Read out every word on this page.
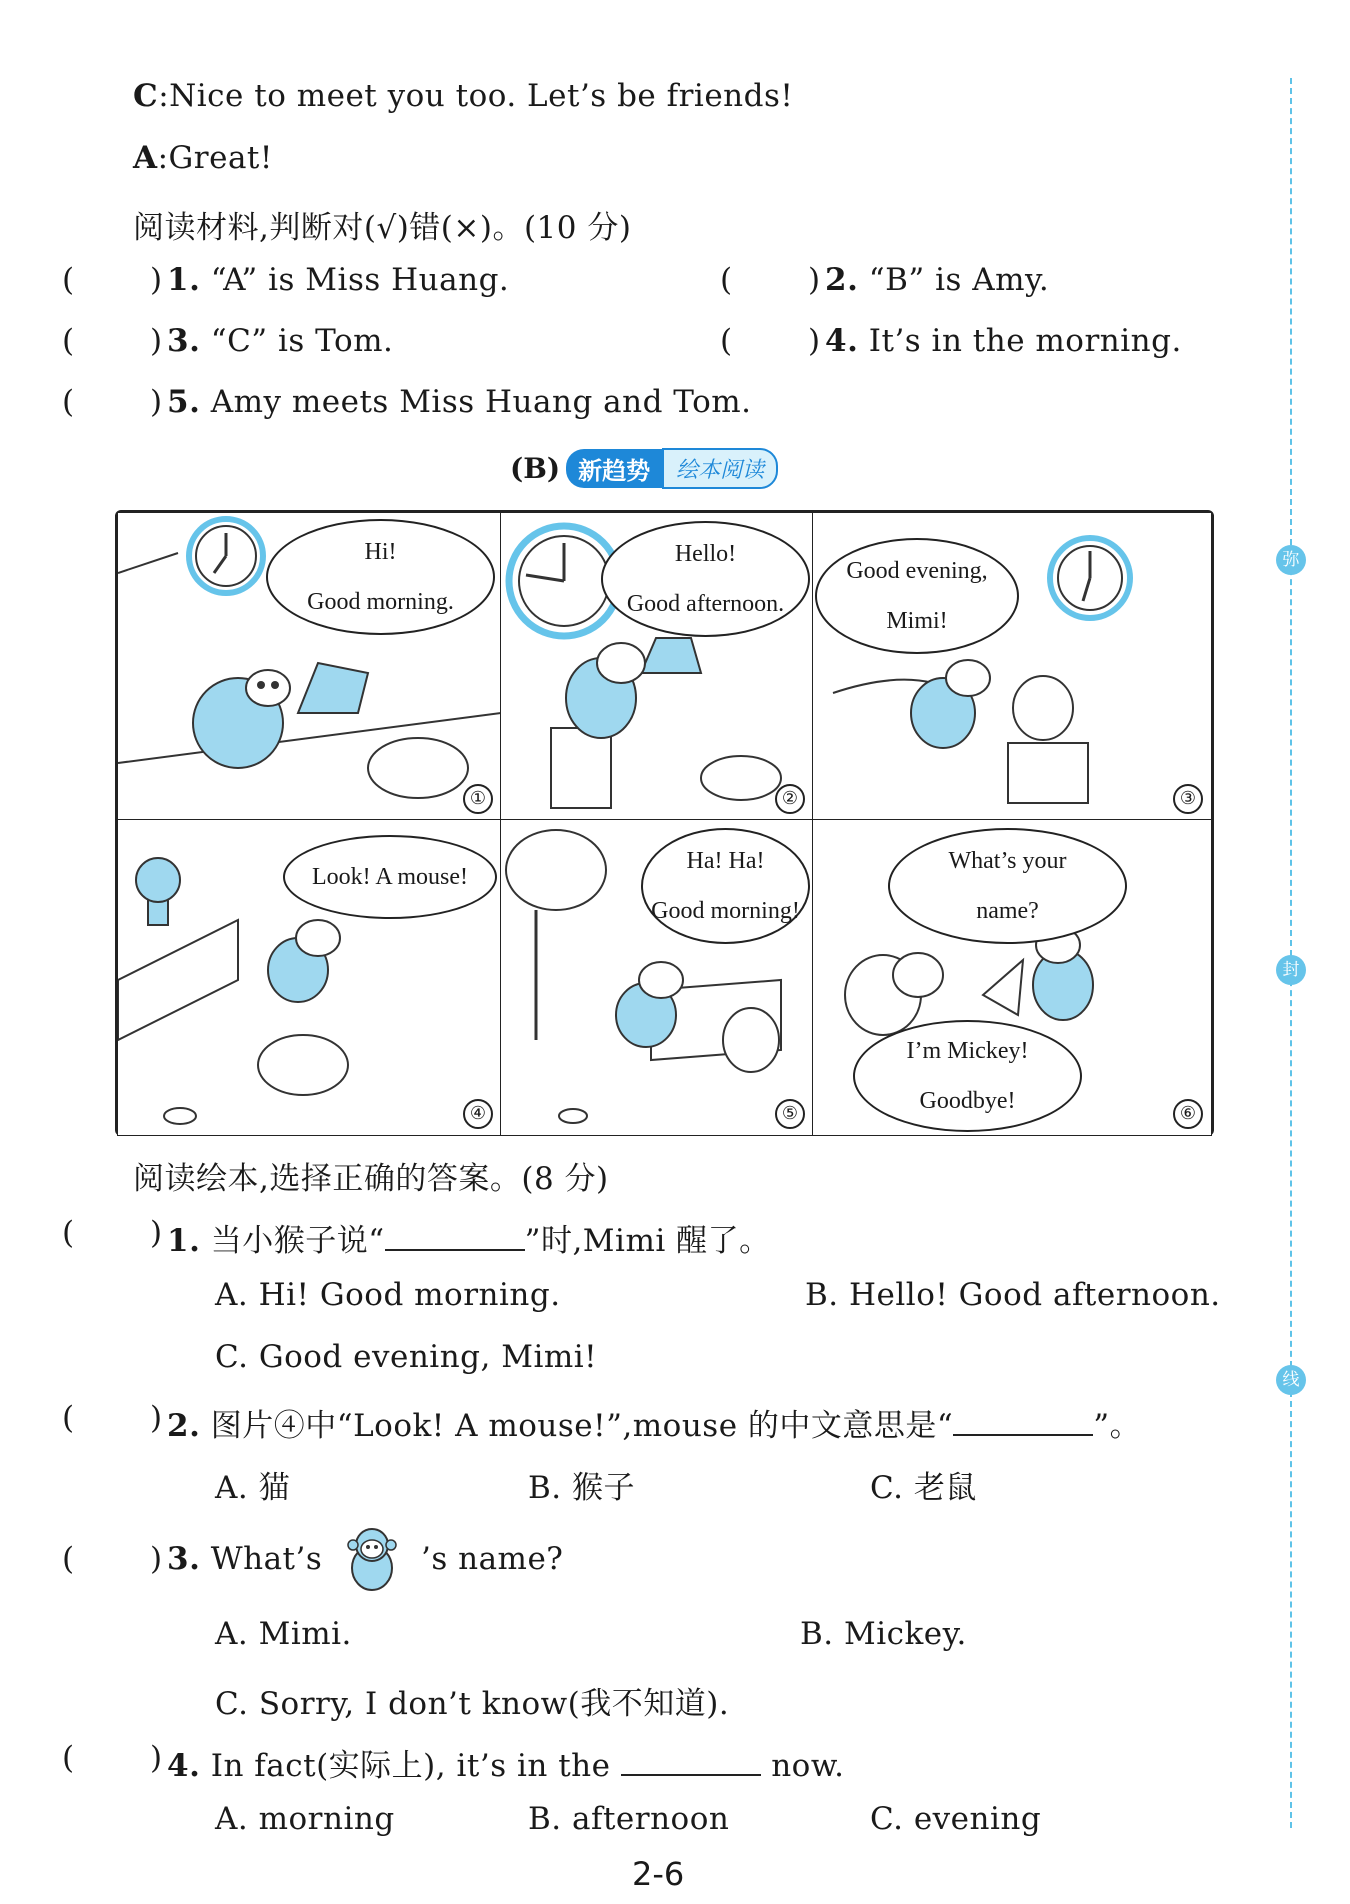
C:Nice to meet you too. Let’s be friends!
A:Great!
阅读材料,判断对(√)错(×)。(10 分)
( ) 1. “A” is Miss Huang.	( ) 2. “B” is Amy.
( ) 3. “C” is Tom.	( ) 4. It’s in the morning.
( ) 5. Amy meets Miss Huang and Tom.
(B) 新趋势	绘本阅读
Hi!
Good morning.
①
Hello!
Good afternoon.
②
Good evening,
Mimi!
③
Look! A mouse!
④
Ha! Ha!
Good morning!
⑤
What’s your
name?
I’m Mickey!
Goodbye!	⑥
阅读绘本,选择正确的答案。(8 分)
( ) 1. 当小猴子说“	”时,Mimi 醒了。
A. Hi! Good morning.	B. Hello! Good afternoon.
C. Good evening, Mimi!
( ) 2. 图片④中“Look! A mouse!”,mouse 的中文意思是“	”。
A. 猫	B. 猴子	C. 老鼠
( ) 3. What’s	’s name?
A. Mimi.	B. Mickey.
C. Sorry, I don’t know(我不知道).
( ) 4. In fact(实际上), it’s in the	now.
A. morning	B. afternoon	C. evening
弥
封
线
2-6
